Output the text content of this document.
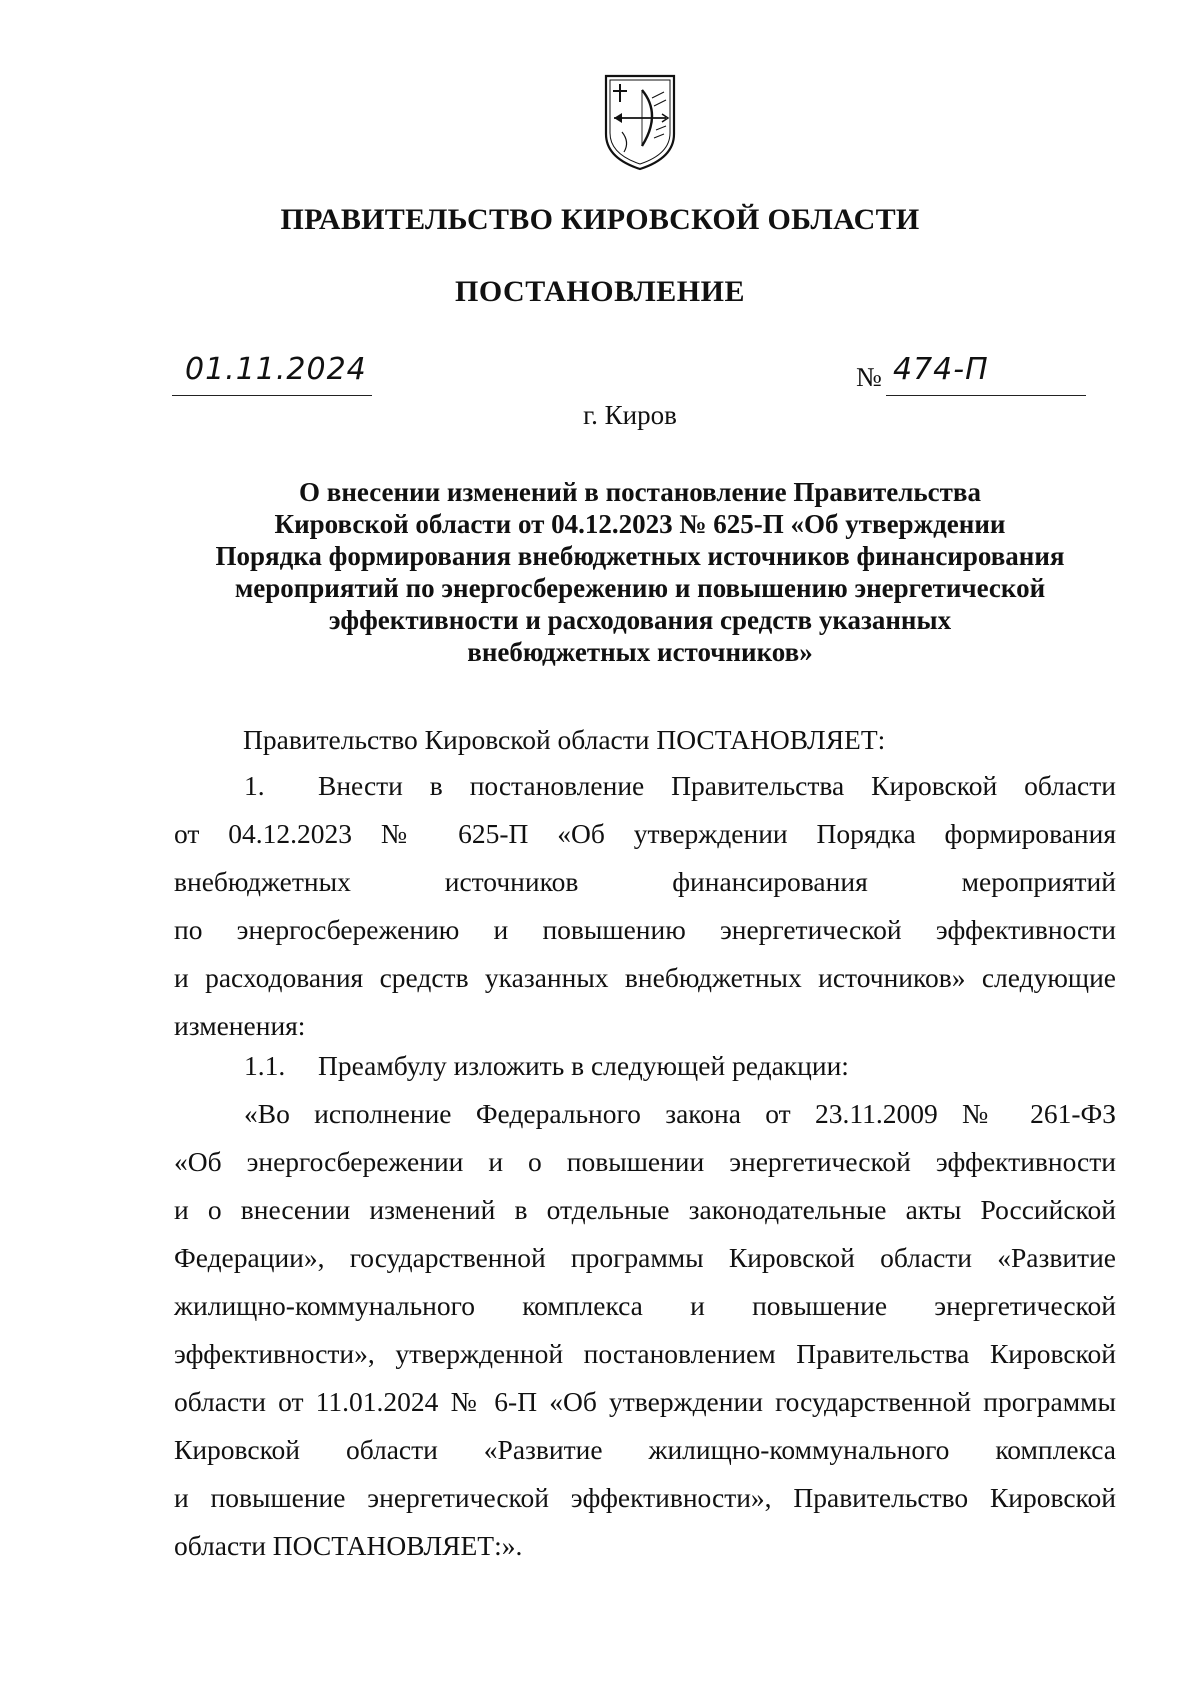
ПРАВИТЕЛЬСТВО КИРОВСКОЙ ОБЛАСТИ
ПОСТАНОВЛЕНИЕ
01.11.2024	№ 474-П
г. Киров
О внесении изменений в постановление Правительства
Кировской области от 04.12.2023 № 625-П «Об утверждении
Порядка формирования внебюджетных источников финансирования
мероприятий по энергосбережению и повышению энергетической
эффективности и расходования средств указанных
внебюджетных источников»
Правительство Кировской области ПОСТАНОВЛЯЕТ:
1. Внести в постановление Правительства Кировской области
от 04.12.2023 № 625-П «Об утверждении Порядка формирования
внебюджетных источников финансирования мероприятий
по энергосбережению и повышению энергетической эффективности
и расходования средств указанных внебюджетных источников» следующие
изменения:
1.1. Преамбулу изложить в следующей редакции:
«Во исполнение Федерального закона от 23.11.2009 № 261-ФЗ
«Об энергосбережении и о повышении энергетической эффективности
и о внесении изменений в отдельные законодательные акты Российской
Федерации», государственной программы Кировской области «Развитие
жилищно-коммунального комплекса и повышение энергетической
эффективности», утвержденной постановлением Правительства Кировской
области от 11.01.2024 № 6-П «Об утверждении государственной программы
Кировской области «Развитие жилищно-коммунального комплекса
и повышение энергетической эффективности», Правительство Кировской
области ПОСТАНОВЛЯЕТ:».
